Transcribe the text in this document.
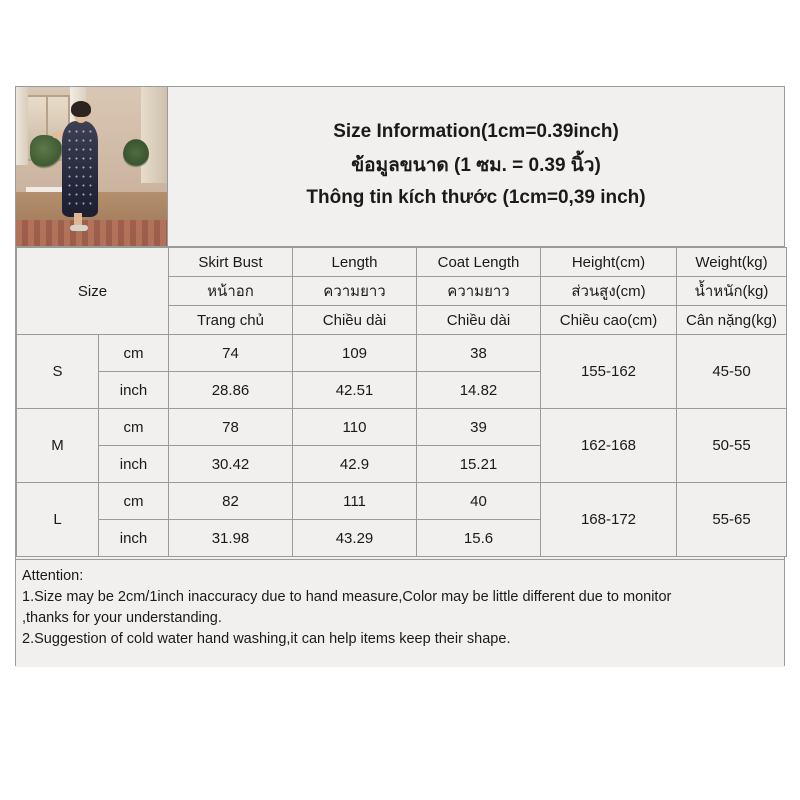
Size Information(1cm=0.39inch)
ข้อมูลขนาด (1 ซม. = 0.39 นิ้ว)
Thông tin kích thước (1cm=0,39 inch)
Size		Skirt Bust	Length	Coat Length	Height(cm)	Weight(kg)
		หน้าอก	ความยาว	ความยาว	ส่วนสูง(cm)	น้ำหนัก(kg)
		Trang chủ	Chiều dài	Chiều dài	Chiều cao(cm)	Cân nặng(kg)
S	cm	74	109	38	155-162	45-50
	inch	28.86	42.51	14.82		
M	cm	78	110	39	162-168	50-55
	inch	30.42	42.9	15.21		
L	cm	82	111	40	168-172	55-65
	inch	31.98	43.29	15.6		
Attention:
1.Size may be 2cm/1inch inaccuracy due to hand measure,Color may be little different due to monitor
,thanks for your understanding.
2.Suggestion of cold water hand washing,it can help items keep their shape.
